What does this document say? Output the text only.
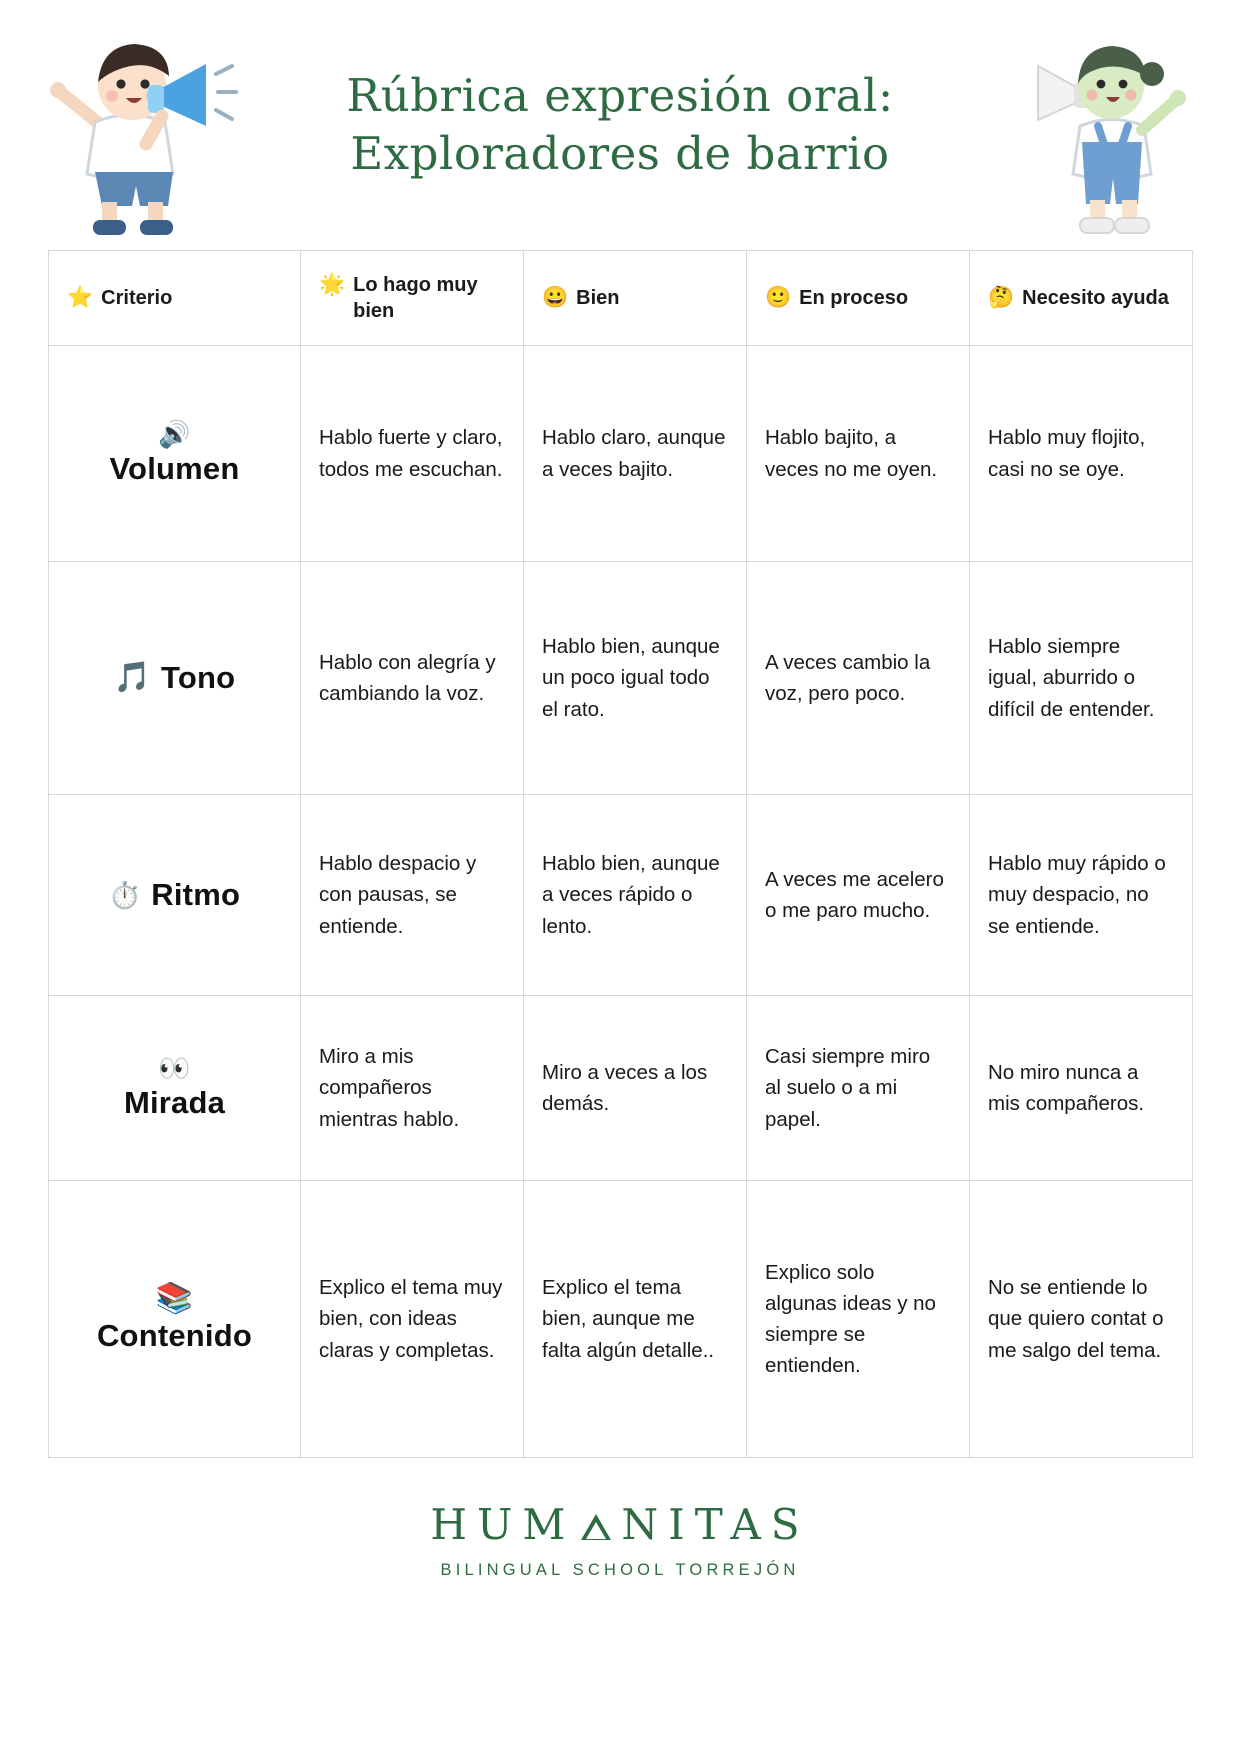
Rúbrica expresión oral:
Exploradores de barrio
⭐ Criterio	🌟 Lo hago muy bien	😀 Bien	🙂 En proceso	🤔 Necesito ayuda

🔊
Volumen	Hablo fuerte y claro, todos me escuchan.	Hablo claro, aunque a veces bajito.	Hablo bajito, a veces no me oyen.	Hablo muy flojito, casi no se oye.

🎵 Tono	Hablo con alegría y cambiando la voz.	Hablo bien, aunque un poco igual todo el rato.	A veces cambio la voz, pero poco.	Hablo siempre igual, aburrido o difícil de entender.

⏱️ Ritmo	Hablo despacio y con pausas, se entiende.	Hablo bien, aunque a veces rápido o lento.	A veces me acelero o me paro mucho.	Hablo muy rápido o muy despacio, no se entiende.

👀
Mirada	Miro a mis compañeros mientras hablo.	Miro a veces a los demás.	Casi siempre miro al suelo o a mi papel.	No miro nunca a mis compañeros.

📚
Contenido	Explico el tema muy bien, con ideas claras y completas.	Explico el tema bien, aunque me falta algún detalle..	Explico solo algunas ideas y no siempre se entienden.	No se entiende lo que quiero contat o me salgo del tema.
HUM NITAS
BILINGUAL SCHOOL TORREJÓN
